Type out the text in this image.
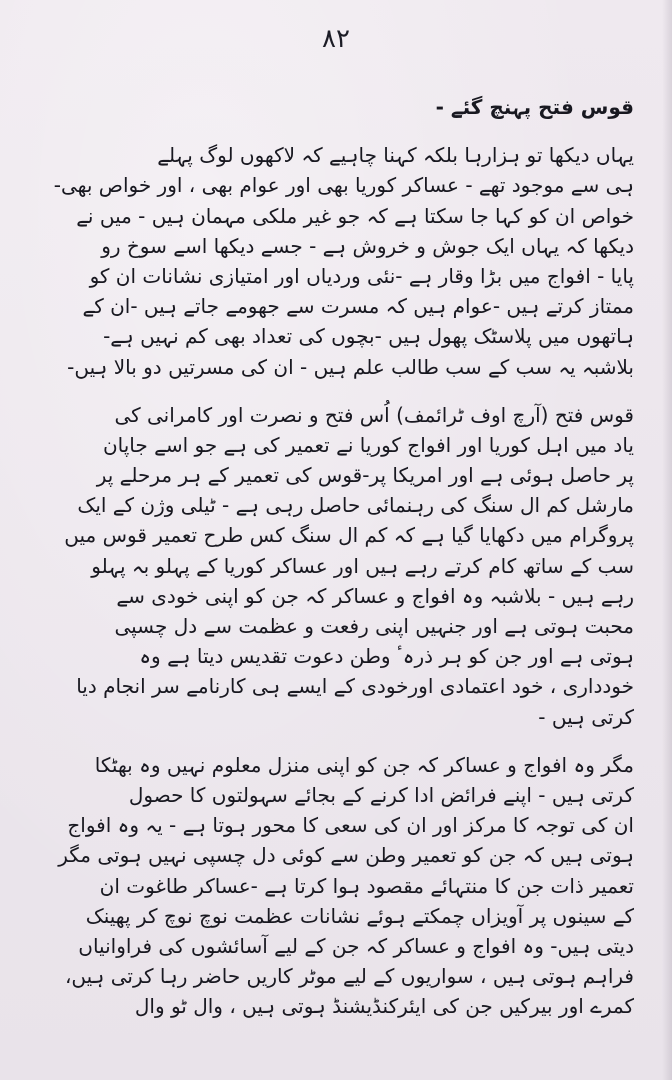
۸۲
قوس فتح پہنچ گئے -
یہاں دیکھا تو ہزارہا بلکہ کہنا چاہیے کہ لاکھوں لوگ پہلے
ہی سے موجود تھے - عساکر کوریا بھی اور عوام بھی ، اور خواص بھی-
خواص ان کو کہا جا سکتا ہے کہ جو غیر ملکی مہمان ہیں - میں نے
دیکھا کہ یہاں ایک جوش و خروش ہے - جسے دیکھا اسے سوخ رو
پایا - افواج میں بڑا وقار ہے -نئی وردیاں اور امتیازی نشانات ان کو
ممتاز کرتے ہیں -عوام ہیں کہ مسرت سے جھومے جاتے ہیں -ان کے
ہاتھوں میں پلاسٹک پھول ہیں -بچوں کی تعداد بھی کم نہیں ہے-
بلاشبہ یہ سب کے سب طالب علم ہیں - ان کی مسرتیں دو بالا ہیں-
قوس فتح (آرچ اوف ٹرائمف) اُس فتح و نصرت اور کامرانی کی
یاد میں اہل کوریا اور افواج کوریا نے تعمیر کی ہے جو اسے جاپان
پر حاصل ہوئی ہے اور امریکا پر-قوس کی تعمیر کے ہر مرحلے پر
مارشل کم ال سنگ کی رہنمائی حاصل رہی ہے - ٹیلی وژن کے ایک
پروگرام میں دکھایا گیا ہے کہ کم ال سنگ کس طرح تعمیر قوس میں
سب کے ساتھ کام کرتے رہے ہیں اور عساکر کوریا کے پہلو بہ پہلو
رہے ہیں - بلاشبہ وہ افواج و عساکر کہ جن کو اپنی خودی سے
محبت ہوتی ہے اور جنہیں اپنی رفعت و عظمت سے دل چسپی
ہوتی ہے اور جن کو ہر ذرہٴ وطن دعوت تقدیس دیتا ہے وہ
خودداری ، خود اعتمادی اورخودی کے ایسے ہی کارنامے سر انجام دیا
کرتی ہیں -
مگر وہ افواج و عساکر کہ جن کو اپنی منزل معلوم نہیں وہ بھٹکا
کرتی ہیں - اپنے فرائض ادا کرنے کے بجائے سہولتوں کا حصول
ان کی توجہ کا مرکز اور ان کی سعی کا محور ہوتا ہے - یہ وہ افواج
ہوتی ہیں کہ جن کو تعمیر وطن سے کوئی دل چسپی نہیں ہوتی مگر
تعمیر ذات جن کا منتہائے مقصود ہوا کرتا ہے -عساکر طاغوت ان
کے سینوں پر آویزاں چمکتے ہوئے نشانات عظمت نوچ نوچ کر پھینک
دیتی ہیں- وہ افواج و عساکر کہ جن کے لیے آسائشوں کی فراوانیاں
فراہم ہوتی ہیں ، سواریوں کے لیے موٹر کاریں حاضر رہا کرتی ہیں،
کمرے اور بیرکیں جن کی ایئرکنڈیشنڈ ہوتی ہیں ، وال ٹو وال
